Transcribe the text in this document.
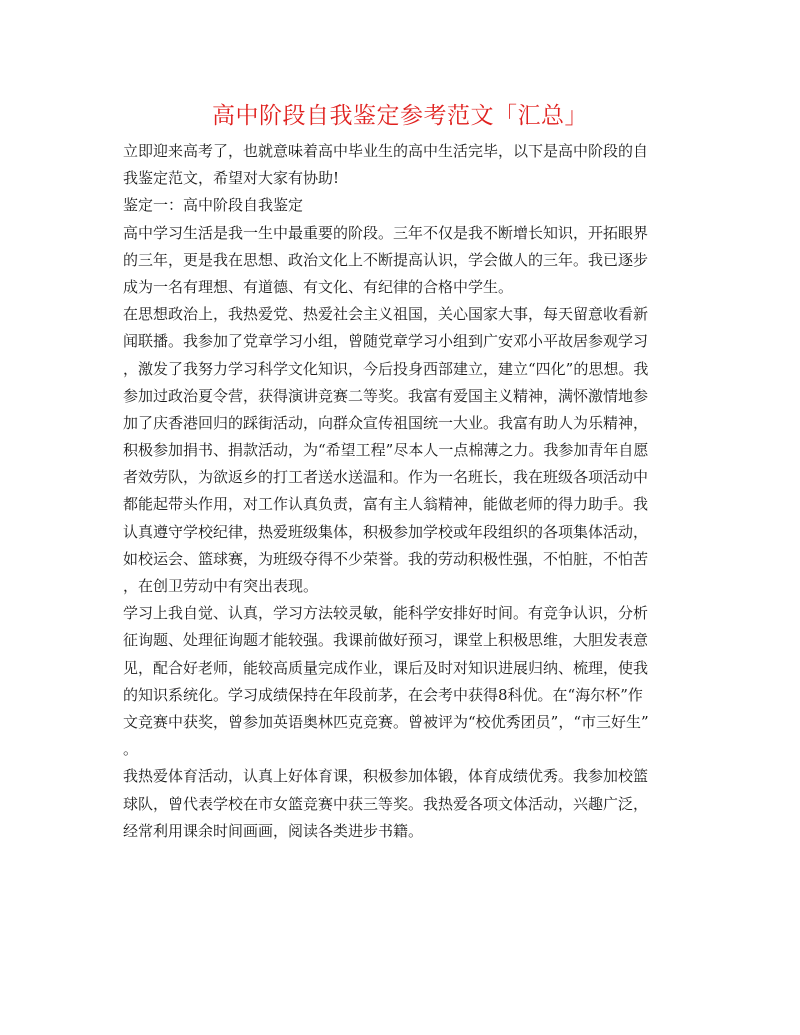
高中阶段自我鉴定参考范文「汇总」

立即迎来高考了，也就意味着高中毕业生的高中生活完毕，以下是高中阶段的自
我鉴定范文，希望对大家有协助!

鉴定一：高中阶段自我鉴定

高中学习生活是我一生中最重要的阶段。三年不仅是我不断增长知识，开拓眼界
的三年，更是我在思想、政治文化上不断提高认识，学会做人的三年。我已逐步
成为一名有理想、有道德、有文化、有纪律的合格中学生。

在思想政治上，我热爱党、热爱社会主义祖国，关心国家大事，每天留意收看新
闻联播。我参加了党章学习小组，曾随党章学习小组到广安邓小平故居参观学习
，激发了我努力学习科学文化知识，今后投身西部建立，建立“四化”的思想。我
参加过政治夏令营，获得演讲竞赛二等奖。我富有爱国主义精神，满怀激情地参
加了庆香港回归的踩街活动，向群众宣传祖国统一大业。我富有助人为乐精神，
积极参加捐书、捐款活动，为“希望工程”尽本人一点棉薄之力。我参加青年自愿
者效劳队，为欲返乡的打工者送水送温和。作为一名班长，我在班级各项活动中
都能起带头作用，对工作认真负责，富有主人翁精神，能做老师的得力助手。我
认真遵守学校纪律，热爱班级集体，积极参加学校或年段组织的各项集体活动，
如校运会、篮球赛，为班级夺得不少荣誉。我的劳动积极性强，不怕脏，不怕苦
，在创卫劳动中有突出表现。

学习上我自觉、认真，学习方法较灵敏，能科学安排好时间。有竞争认识，分析
征询题、处理征询题才能较强。我课前做好预习，课堂上积极思维，大胆发表意
见，配合好老师，能较高质量完成作业，课后及时对知识进展归纳、梳理，使我
的知识系统化。学习成绩保持在年段前茅，在会考中获得8科优。在“海尔杯”作
文竞赛中获奖，曾参加英语奥林匹克竞赛。曾被评为“校优秀团员”，“市三好生”
。

我热爱体育活动，认真上好体育课，积极参加体锻，体育成绩优秀。我参加校篮
球队，曾代表学校在市女篮竞赛中获三等奖。我热爱各项文体活动，兴趣广泛，
经常利用课余时间画画，阅读各类进步书籍。
